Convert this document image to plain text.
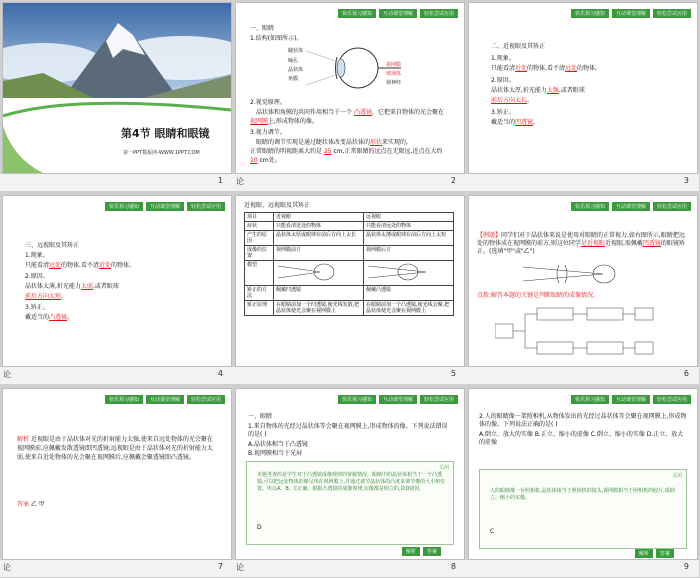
第4节 眼睛和眼镜
第一PPT模板网-WWW.1PPT.COM
1
快乐预习感知	互动课堂理解	轻松尝试应用
一、眼睛
1.结构(如图所示)。
睫状体
瞳孔
晶状体
角膜
视网膜
玻璃体
视神经
2.视觉原理。
晶状体和角膜的共同作用相当于一个 凸透镜，它把来自物体的光会聚在
视网膜上,形成物体的像。
3.视力调节。
眼睛的调节实现是通过睫状体改变晶状体的形状来实现的。
正常眼睛的明视距离大约是 25 cm,正常眼睛的远点在无限远,近点在大约
10 cm处。
论	2
快乐预习感知	互动课堂理解	轻松尝试应用
二、近视眼及其矫正
1.现象。
只能看清近处的物体,看不清远处的物体。
2.原因。
晶状体太厚,折光能力太强,或者眼球
前后方向太长。
3.矫正。
戴适当的凹透镜。
3
快乐预习感知	互动课堂理解	轻松尝试应用
三、远视眼及其矫正
1.现象。
只能看清远处的物体,看不清近处的物体。
2.原因。
晶状体太薄,折光能力太弱,或者眼球
前后方向太短。
3.矫正。
戴适当的凸透镜。
论	4
近视眼、远视眼及其矫正
项目	近视眼	远视眼
症状	只能看清近处的物体	只能看清远处的物体
产生的原因	晶状体太厚或眼球在前后方向上太长	晶状体太薄或眼球在前后方向上太短
成像的位置	视网膜前方	视网膜后方
模型		
矫正的方法	佩戴凹透镜	佩戴凸透镜
矫正原理	在眼睛前加一个凹透镜,使光线发散,把晶状体使光会聚在视网膜上	在眼睛前加一个凸透镜,使光线会聚,把晶状体使光会聚在视网膜上
5
快乐预习感知	互动课堂理解	轻松尝试应用
【例题】同学们对于晶状体来说是使用对眼睛的正常视力,如右图所示,眼睛把远处的物体成在视网膜的前方,则这位同学是近视眼近视眼,需佩戴凹透镜的眼镜矫正。(选填"甲"或"乙")
点拨:解答本题的关键是判断眼睛的成像情况。
6
快乐预习感知	互动课堂理解	轻松尝试应用
解析 近视眼是由于晶状体对光的折射能力太强,使来自远处物体的光会聚在视网膜前,应佩戴发散透镜即凹透镜;远视眼是由于晶状体对光的折射能力太弱,使来自近处物体的光会聚在视网膜后,应佩戴会聚透镜即凸透镜。
答案 乙 甲
论	7
快乐预习感知	互动课堂理解	轻松尝试应用
一、眼睛
1.来自物体的光经过晶状体等会聚在视网膜上,形成物体的像。下列说法错误的是( )
A.晶状体相当于凸透镜
B.视网膜相当于光屏
关闭
本题考查的是学生对于凸透镜成像规律的掌握情况。眼睛中的晶状体相当于一个凸透镜,可以把远处物体的像呈现在视网膜上,并通过调节晶状体的凸度来调节像的大小和位置。所以A、B、C正确。根据凸透镜的成像规律,实像都是倒立的,故D错误。
D
解析	答案
论	8
快乐预习感知	互动课堂理解	轻松尝试应用
2.人的眼睛像一架照相机,从物体发出的光经过晶状体等会聚在视网膜上,形成物体的像。下列说法正确的是( )
A.倒立、放大的实像 B.正立、缩小的虚像 C.倒立、缩小的实像 D.正立、放大的虚像
关闭
人的眼睛像一台照相机,晶状体相当于照相机的镜头,视网膜相当于照相机的胶片,成倒立、缩小的实像。
C
解析	答案
9
